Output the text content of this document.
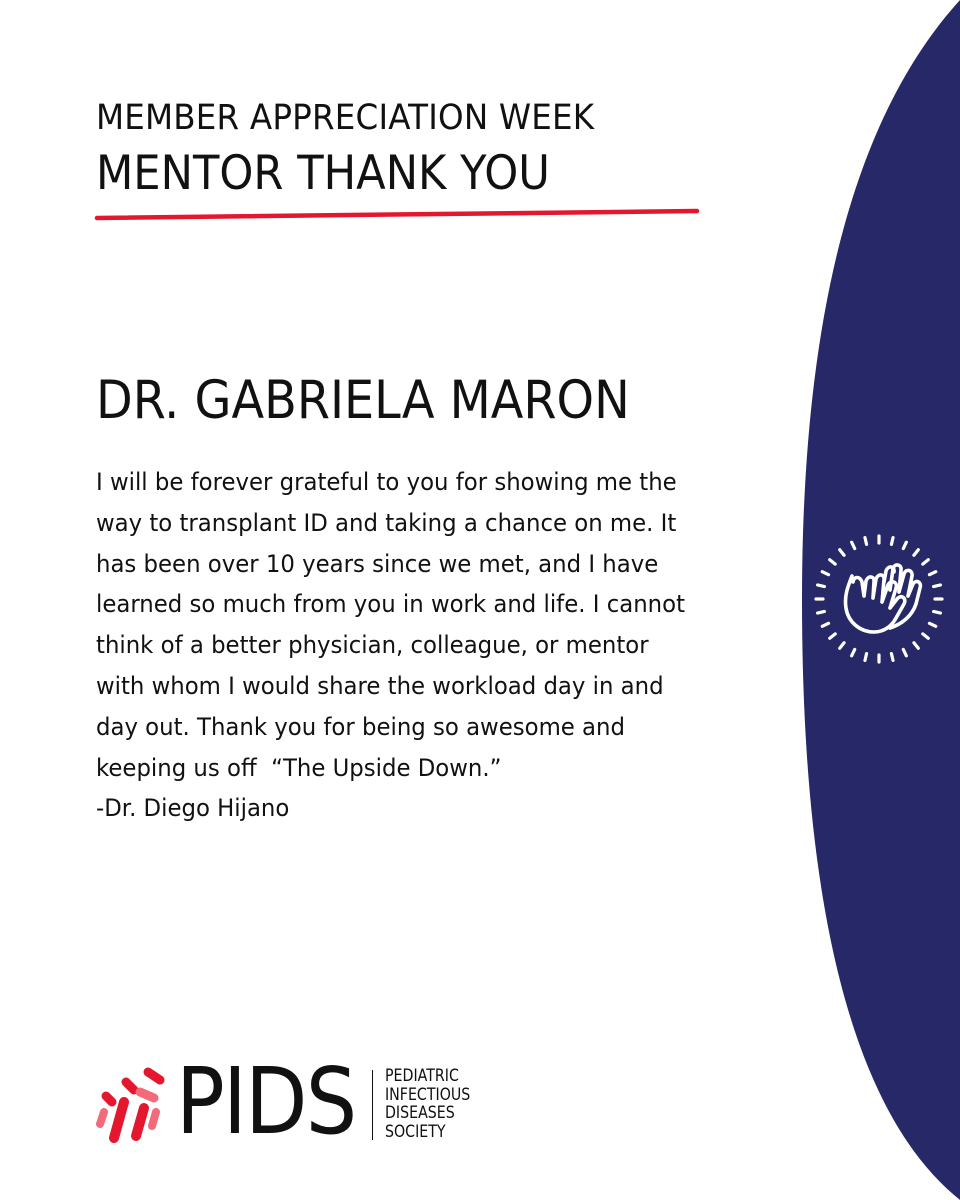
MEMBER APPRECIATION WEEK
MENTOR THANK YOU
DR. GABRIELA MARON
I will be forever grateful to you for showing me the
way to transplant ID and taking a chance on me. It
has been over 10 years since we met, and I have
learned so much from you in work and life. I cannot
think of a better physician, colleague, or mentor
with whom I would share the workload day in and
day out. Thank you for being so awesome and
keeping us off  “The Upside Down.”
-Dr. Diego Hijano
PIDS PEDIATRIC
INFECTIOUS
DISEASES
SOCIETY
